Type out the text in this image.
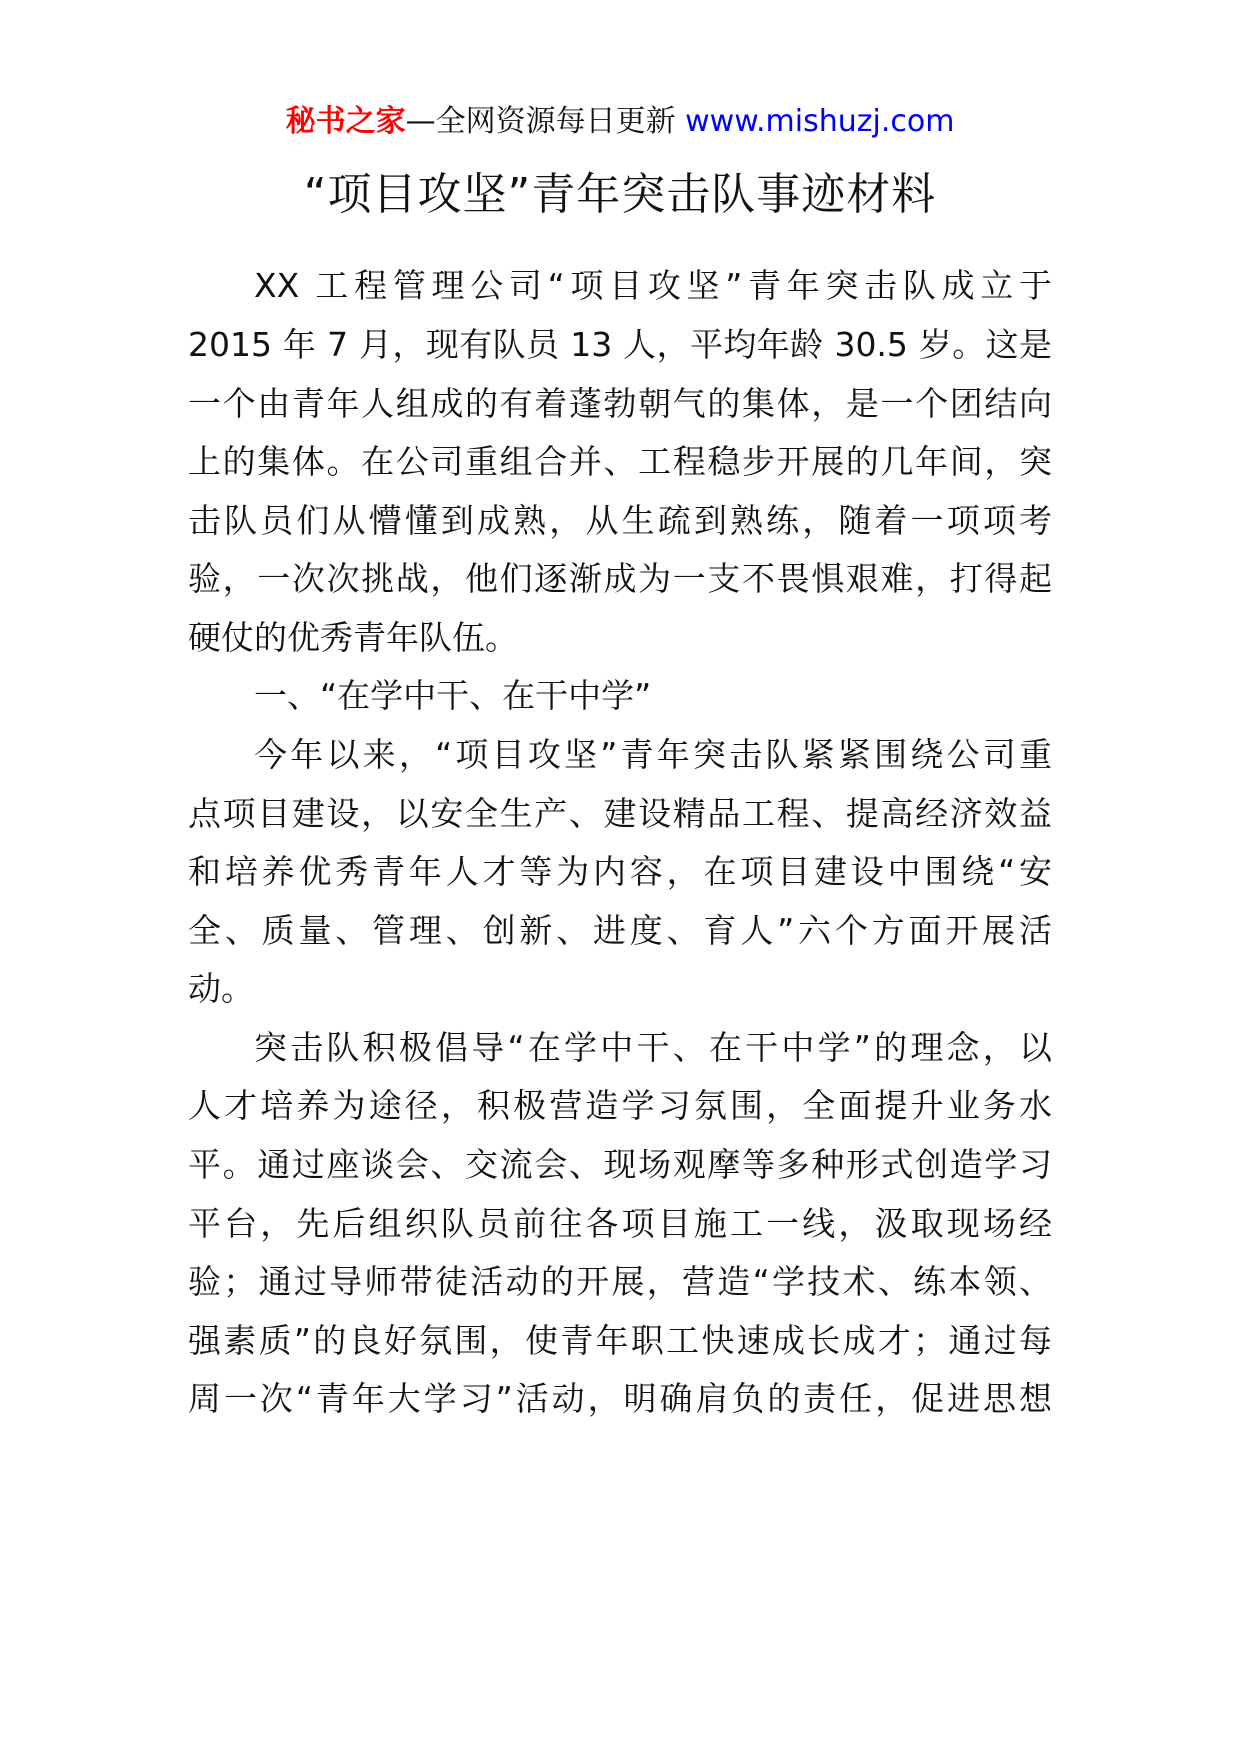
秘书之家—全网资源每日更新 www.mishuzj.com
“项目攻坚”青年突击队事迹材料
XX 工程管理公司“项目攻坚”青年突击队成立于
2015 年 7 月，现有队员 13 人，平均年龄 30.5 岁。这是
一个由青年人组成的有着蓬勃朝气的集体，是一个团结向
上的集体。在公司重组合并、工程稳步开展的几年间，突
击队员们从懵懂到成熟，从生疏到熟练，随着一项项考
验，一次次挑战，他们逐渐成为一支不畏惧艰难，打得起
硬仗的优秀青年队伍。
一、“在学中干、在干中学”
今年以来，“项目攻坚”青年突击队紧紧围绕公司重
点项目建设，以安全生产、建设精品工程、提高经济效益
和培养优秀青年人才等为内容，在项目建设中围绕“安
全、质量、管理、创新、进度、育人”六个方面开展活
动。
突击队积极倡导“在学中干、在干中学”的理念，以
人才培养为途径，积极营造学习氛围，全面提升业务水
平。通过座谈会、交流会、现场观摩等多种形式创造学习
平台，先后组织队员前往各项目施工一线，汲取现场经
验；通过导师带徒活动的开展，营造“学技术、练本领、
强素质”的良好氛围，使青年职工快速成长成才；通过每
周一次“青年大学习”活动，明确肩负的责任，促进思想
